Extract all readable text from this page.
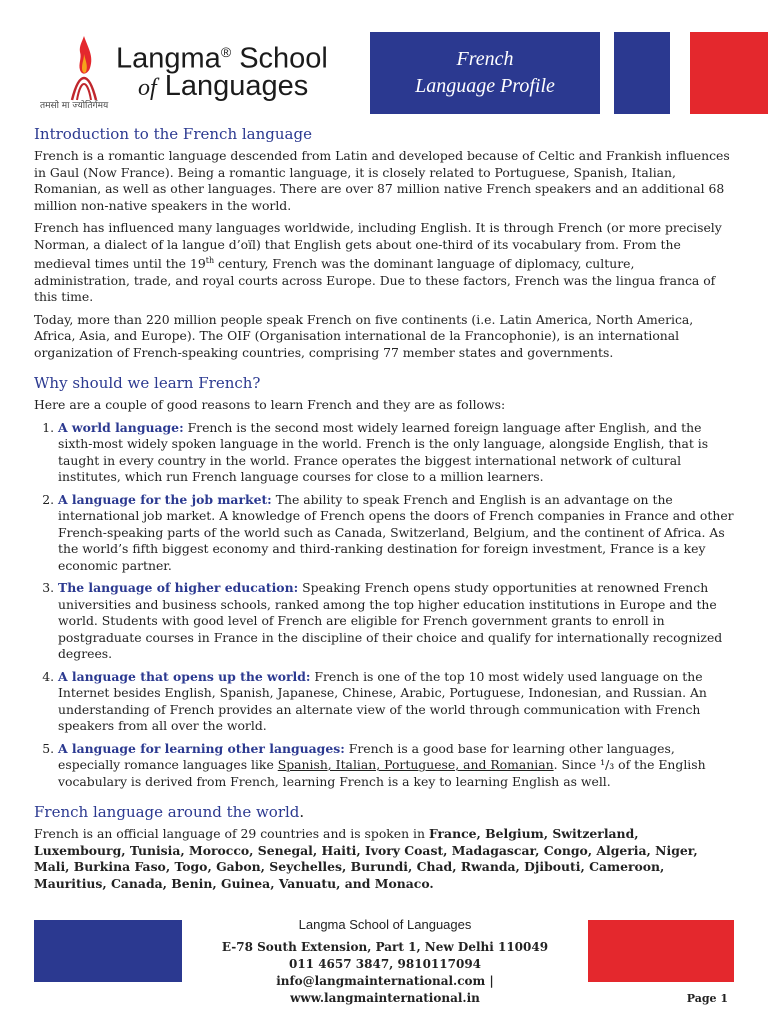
Langma® School
of Languages
तमसो मा ज्योतिर्गमय
French
Language Profile
Introduction to the French language

French is a romantic language descended from Latin and developed because of Celtic and Frankish influences in Gaul (Now France). Being a romantic language, it is closely related to Portuguese, Spanish, Italian, Romanian, as well as other languages. There are over 87 million native French speakers and an additional 68 million non-native speakers in the world.

French has influenced many languages worldwide, including English. It is through French (or more precisely Norman, a dialect of la langue d’oïl) that English gets about one-third of its vocabulary from. From the medieval times until the 19th century, French was the dominant language of diplomacy, culture, administration, trade, and royal courts across Europe. Due to these factors, French was the lingua franca of this time.

Today, more than 220 million people speak French on five continents (i.e. Latin America, North America, Africa, Asia, and Europe). The OIF (Organisation international de la Francophonie), is an international organization of French-speaking countries, comprising 77 member states and governments.

Why should we learn French?

Here are a couple of good reasons to learn French and they are as follows:

1. A world language: French is the second most widely learned foreign language after English, and the sixth-most widely spoken language in the world. French is the only language, alongside English, that is taught in every country in the world. France operates the biggest international network of cultural institutes, which run French language courses for close to a million learners.
2. A language for the job market: The ability to speak French and English is an advantage on the international job market. A knowledge of French opens the doors of French companies in France and other French-speaking parts of the world such as Canada, Switzerland, Belgium, and the continent of Africa. As the world’s fifth biggest economy and third-ranking destination for foreign investment, France is a key economic partner.
3. The language of higher education: Speaking French opens study opportunities at renowned French universities and business schools, ranked among the top higher education institutions in Europe and the world. Students with good level of French are eligible for French government grants to enroll in postgraduate courses in France in the discipline of their choice and qualify for internationally recognized degrees.
4. A language that opens up the world: French is one of the top 10 most widely used language on the Internet besides English, Spanish, Japanese, Chinese, Arabic, Portuguese, Indonesian, and Russian. An understanding of French provides an alternate view of the world through communication with French speakers from all over the world.
5. A language for learning other languages: French is a good base for learning other languages, especially romance languages like Spanish, Italian, Portuguese, and Romanian. Since ¹/₃ of the English vocabulary is derived from French, learning French is a key to learning English as well.
French language around the world.

French is an official language of 29 countries and is spoken in France, Belgium, Switzerland, Luxembourg, Tunisia, Morocco, Senegal, Haiti, Ivory Coast, Madagascar, Congo, Algeria, Niger, Mali, Burkina Faso, Togo, Gabon, Seychelles, Burundi, Chad, Rwanda, Djibouti, Cameroon, Mauritius, Canada, Benin, Guinea, Vanuatu, and Monaco.

Langma School of Languages
E-78 South Extension, Part 1, New Delhi 110049
011 4657 3847, 9810117094
info@langmainternational.com | www.langmainternational.in	Page 1
